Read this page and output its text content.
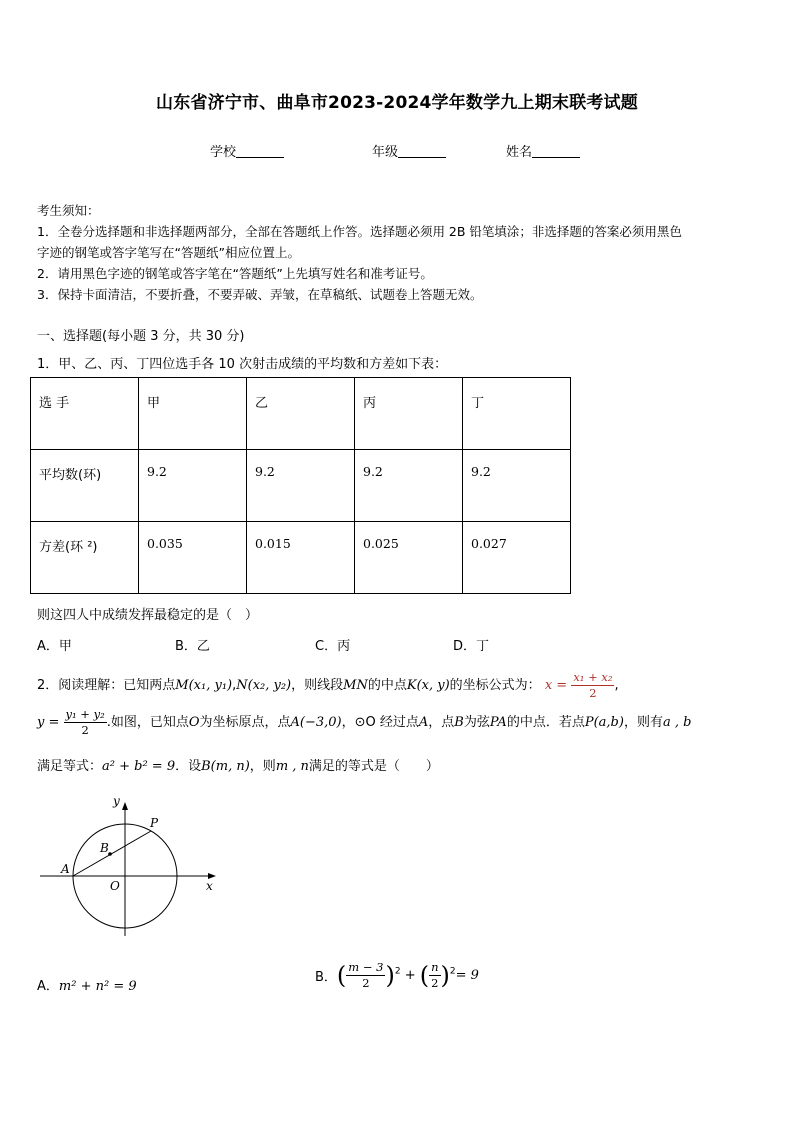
山东省济宁市、曲阜市2023-2024学年数学九上期末联考试题
学校	年级	姓名
考生须知：
1．全卷分选择题和非选择题两部分，全部在答题纸上作答。选择题必须用 2B 铅笔填涂；非选择题的答案必须用黑色
字迹的钢笔或答字笔写在“答题纸”相应位置上。
2．请用黑色字迹的钢笔或答字笔在“答题纸”上先填写姓名和准考证号。
3．保持卡面清洁，不要折叠，不要弄破、弄皱，在草稿纸、试题卷上答题无效。
一、选择题(每小题 3 分，共 30 分)
1．甲、乙、丙、丁四位选手各 10 次射击成绩的平均数和方差如下表：
选 手	甲	乙	丙	丁

平均数(环)	9.2	9.2	9.2	9.2

方差(环 ²)	0.035	0.015	0.025	0.027
则这四人中成绩发挥最稳定的是（　）
A．甲	B．乙	C．丙	D．丁
2．阅读理解：已知两点M(x₁, y₁),N(x₂, y₂)，则线段MN的中点K(x, y)的坐标公式为： $x = \frac{\text{x₁ + x₂}}{2}$ ,
$y = \frac{\text{y₁ + y₂}}{2}$ .如图，已知点O为坐标原点，点A(−3,0)，⊙O 经过点A，点B为弦PA的中点．若点P(a,b)，则有a , b
满足等式：a² + b² = 9．设B(m, n)，则m , n满足的等式是（　　）
y
x
P
B
A
O
A．m² + n² = 9
B．( $\frac{m - 3}{2} )^2$ + ( $\frac{n}{2} )^2= 9$
